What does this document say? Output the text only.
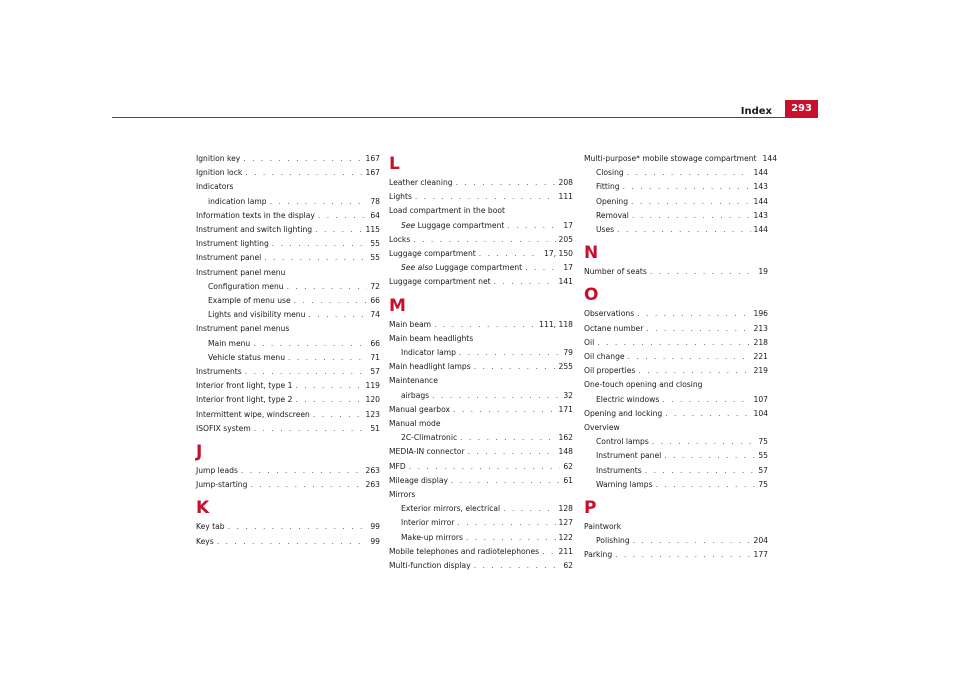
Index	293
Ignition key . . .	167
Ignition lock . . .	167
Indicators
indication lamp . . .	78
Information texts in the display . . .	64
Instrument and switch lighting . . .	115
Instrument lighting . . .	55
Instrument panel . . .	55
Instrument panel menu
Configuration menu . . .	72
Example of menu use . . .	66
Lights and visibility menu . . .	74
Instrument panel menus
Main menu . . .	66
Vehicle status menu . . .	71
Instruments . . .	57
Interior front light, type 1 . . .	119
Interior front light, type 2 . . .	120
Intermittent wipe, windscreen . . .	123
ISOFIX system . . .	51
J
Jump leads . . .	263
Jump-starting . . .	263
K
Key tab . . .	99
Keys . . .	99
L
Leather cleaning . . .	208
Lights . . .	111
Load compartment in the boot
See Luggage compartment . . .	17
Locks . . .	205
Luggage compartment . . .	17, 150
See also Luggage compartment . . .	17
Luggage compartment net . . .	141
M
Main beam . . .	111, 118
Main beam headlights
Indicator lamp . . .	79
Main headlight lamps . . .	255
Maintenance
airbags . . .	32
Manual gearbox . . .	171
Manual mode
2C-Climatronic . . .	162
MEDIA-IN connector . . .	148
MFD . . .	62
Mileage display . . .	61
Mirrors
Exterior mirrors, electrical . . .	128
Interior mirror . . .	127
Make-up mirrors . . .	122
Mobile telephones and radiotelephones . . .	211
Multi-function display . . .	62
Multi-purpose* mobile stowage compartment 144
Closing . . .	144
Fitting . . .	143
Opening . . .	144
Removal . . .	143
Uses . . .	144
N
Number of seats . . .	19
O
Observations . . .	196
Octane number . . .	213
Oil . . .	218
Oil change . . .	221
Oil properties . . .	219
One-touch opening and closing
Electric windows . . .	107
Opening and locking . . .	104
Overview
Control lamps . . .	75
Instrument panel . . .	55
Instruments . . .	57
Warning lamps . . .	75
P
Paintwork
Polishing . . .	204
Parking . . .	177
